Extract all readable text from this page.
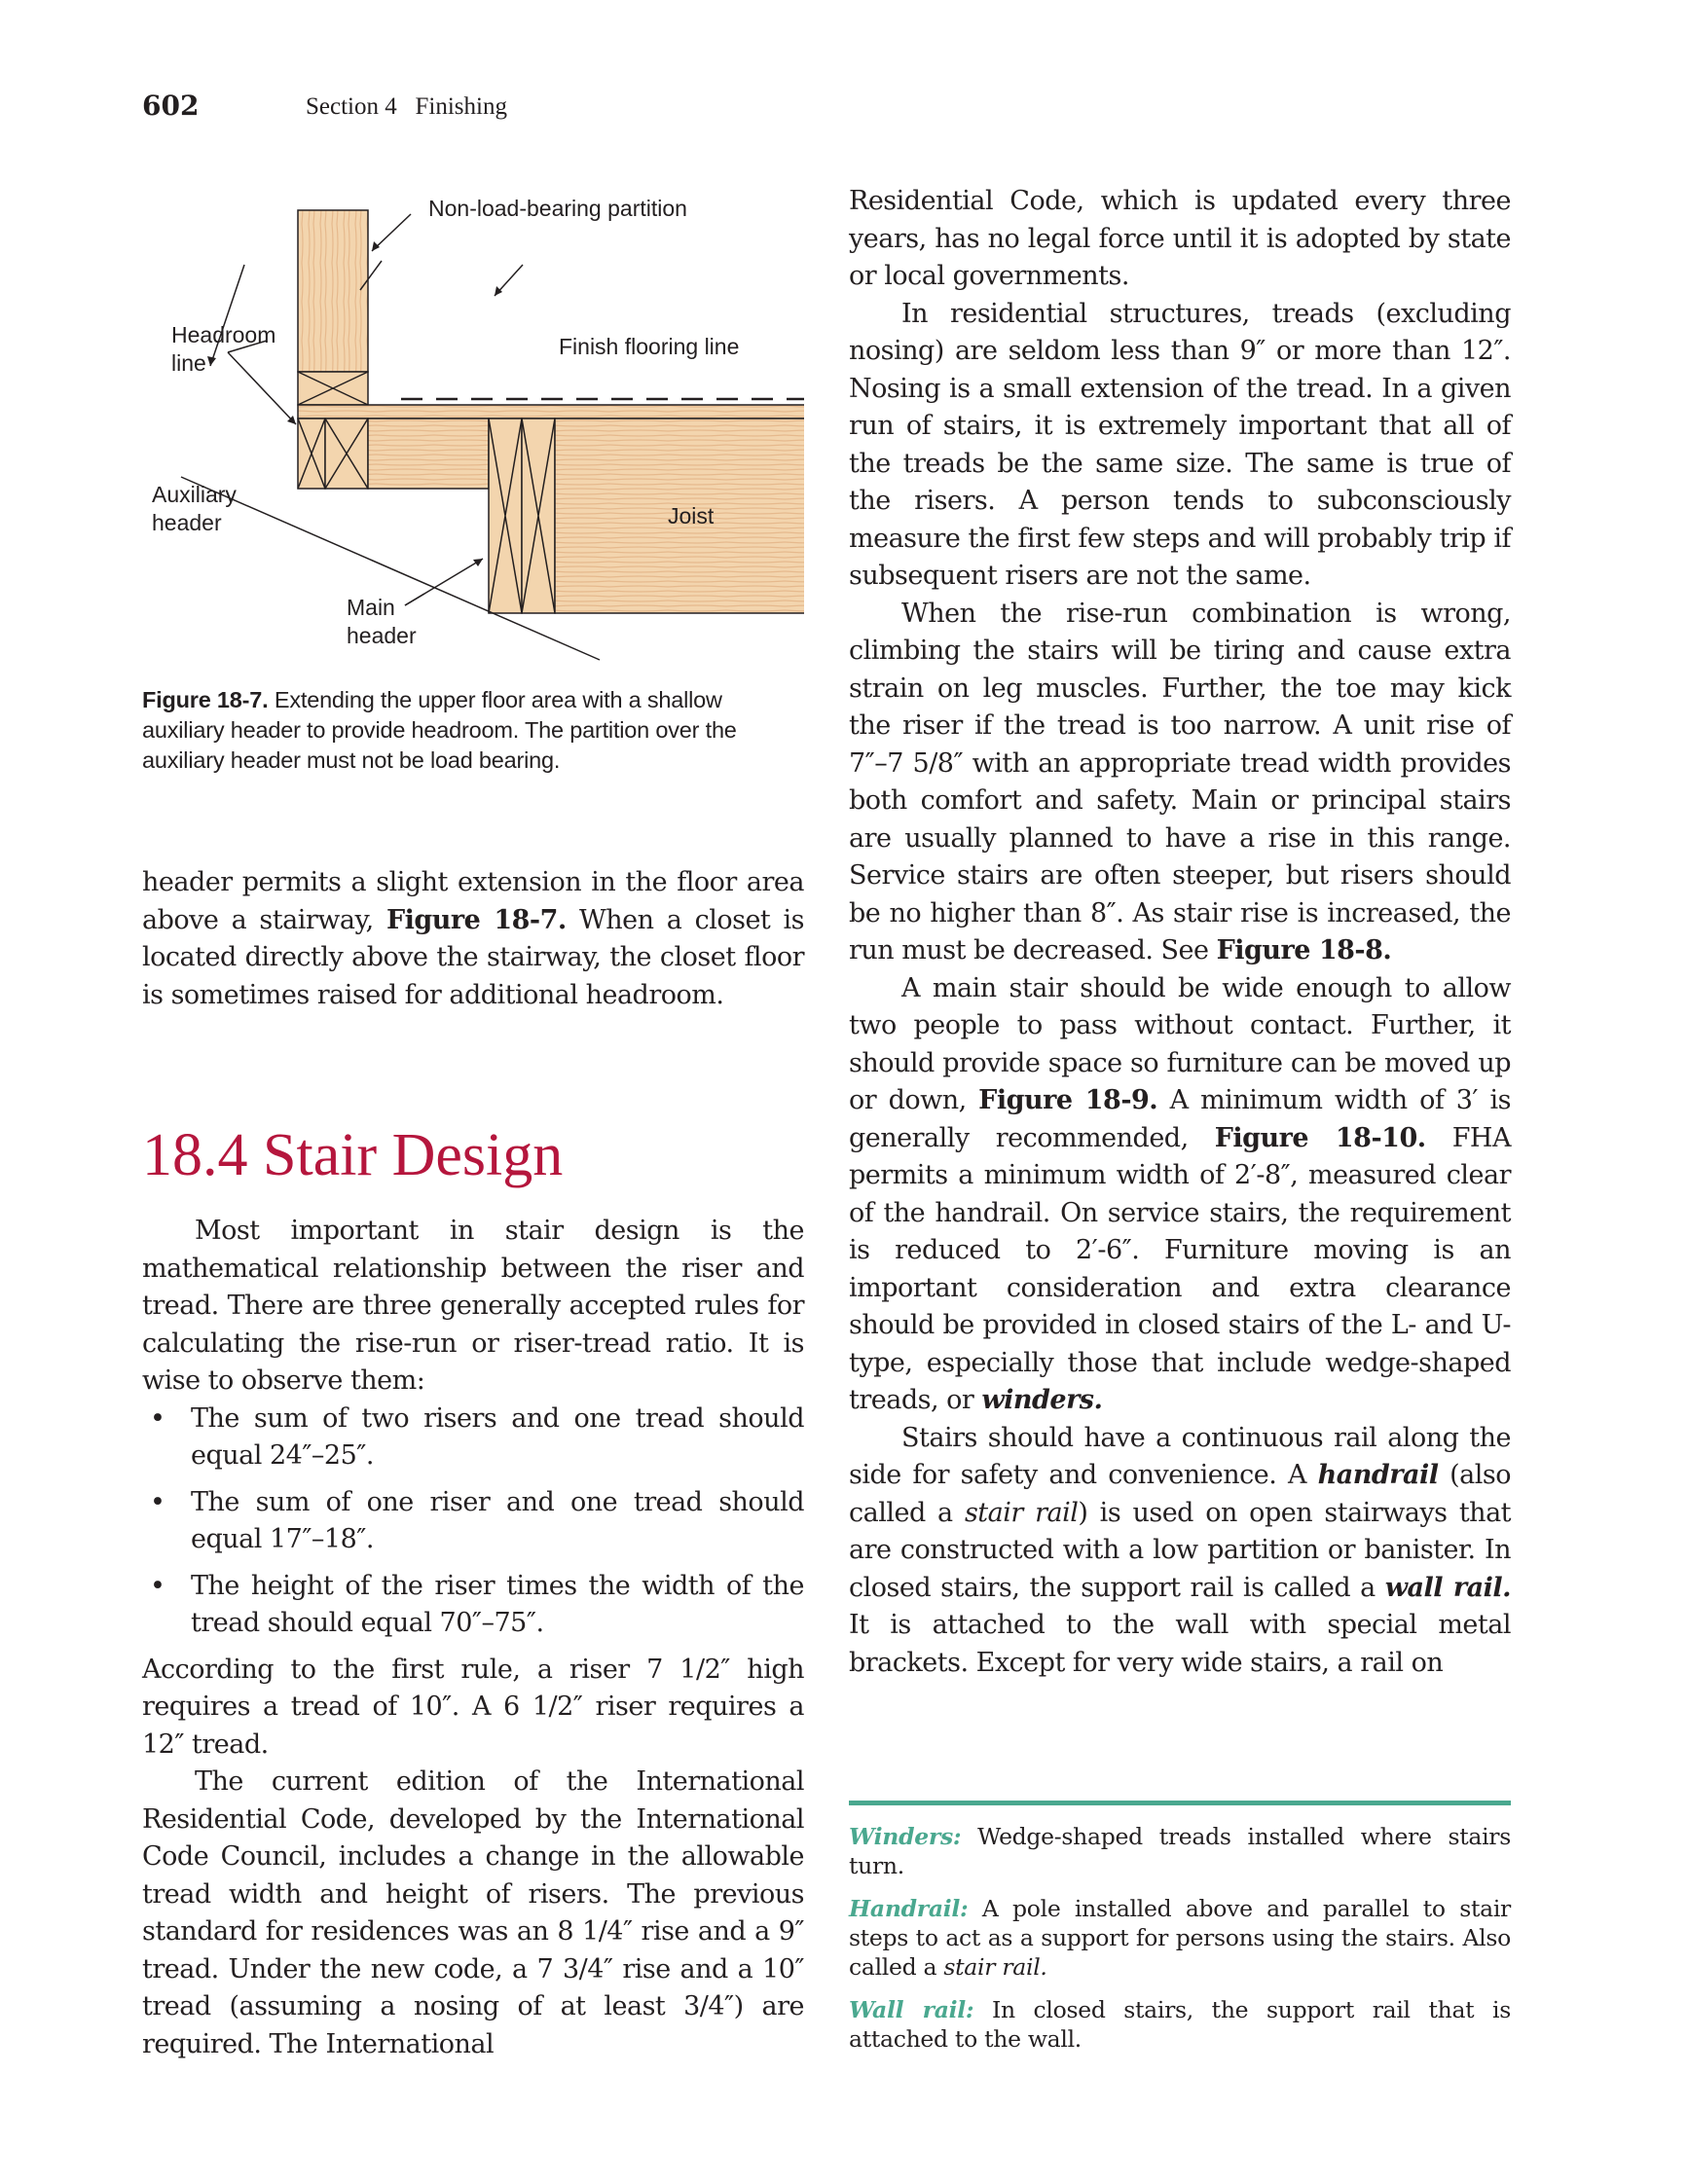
602	Section 4   Finishing
Non-load-bearing partition
Headroom
line
Finish flooring line
Auxiliary
header	Joist
Main
header
Figure 18-7. Extending the upper floor area with a shallow auxiliary header to provide headroom. The partition over the auxiliary header must not be load bearing.

header permits a slight extension in the floor area above a stairway, Figure 18-7. When a closet is located directly above the stairway, the closet floor is sometimes raised for additional headroom.

18.4 Stair Design

Most important in stair design is the mathematical relationship between the riser and tread. There are three generally accepted rules for calculating the rise-run or riser-tread ratio. It is wise to observe them:

• The sum of two risers and one tread should equal 24″–25″.
• The sum of one riser and one tread should equal 17″–18″.
• The height of the riser times the width of the tread should equal 70″–75″.

According to the first rule, a riser 7 1/2″ high requires a tread of 10″. A 6 1/2″ riser requires a 12″ tread.

The current edition of the International Residential Code, developed by the International Code Council, includes a change in the allowable tread width and height of risers. The previous standard for residences was an 8 1/4″ rise and a 9″ tread. Under the new code, a 7 3/4″ rise and a 10″ tread (assuming a nosing of at least 3/4″) are required. The International

Residential Code, which is updated every three years, has no legal force until it is adopted by state or local governments.

In residential structures, treads (excluding nosing) are seldom less than 9″ or more than 12″. Nosing is a small extension of the tread. In a given run of stairs, it is extremely important that all of the treads be the same size. The same is true of the risers. A person tends to subconsciously measure the first few steps and will probably trip if subsequent risers are not the same.

When the rise-run combination is wrong, climbing the stairs will be tiring and cause extra strain on leg muscles. Further, the toe may kick the riser if the tread is too narrow. A unit rise of 7″–7 5/8″ with an appropriate tread width provides both comfort and safety. Main or principal stairs are usually planned to have a rise in this range. Service stairs are often steeper, but risers should be no higher than 8″. As stair rise is increased, the run must be decreased. See Figure 18-8.

A main stair should be wide enough to allow two people to pass without contact. Further, it should provide space so furniture can be moved up or down, Figure 18-9. A minimum width of 3′ is generally recommended, Figure 18-10. FHA permits a minimum width of 2′-8″, measured clear of the handrail. On service stairs, the requirement is reduced to 2′-6″. Furniture moving is an important consideration and extra clearance should be provided in closed stairs of the L- and U-type, especially those that include wedge-shaped treads, or winders.

Stairs should have a continuous rail along the side for safety and convenience. A handrail (also called a stair rail) is used on open stairways that are constructed with a low partition or banister. In closed stairs, the support rail is called a wall rail. It is attached to the wall with special metal brackets. Except for very wide stairs, a rail on

Winders: Wedge-shaped treads installed where stairs turn.

Handrail: A pole installed above and parallel to stair steps to act as a support for persons using the stairs. Also called a stair rail.

Wall rail: In closed stairs, the support rail that is attached to the wall.
